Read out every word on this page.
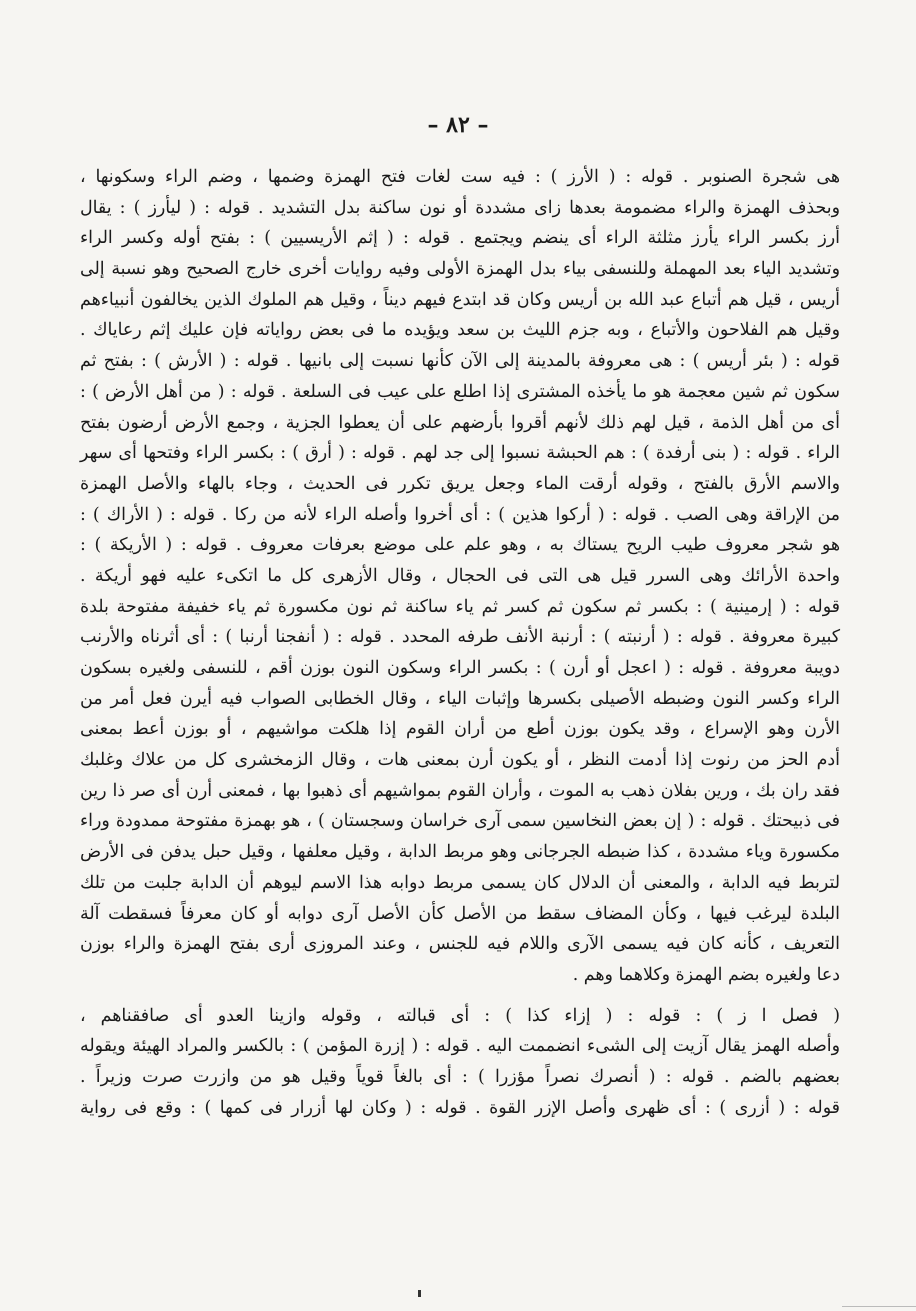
– ٨٢ –
هى شجرة الصنوبر . قوله : ( الأرز ) : فيه ست لغات فتح الهمزة وضمها ، وضم الراء وسكونها ،
وبحذف الهمزة والراء مضمومة بعدها زاى مشددة أو نون ساكنة بدل التشديد . قوله : ( ليأرز ) : يقال
أرز بكسر الراء يأرز مثلثة الراء أى ينضم ويجتمع . قوله : ( إثم الأريسيين ) : بفتح أوله وكسر الراء
وتشديد الياء بعد المهملة وللنسفى بياء بدل الهمزة الأولى وفيه روايات أخرى خارج الصحيح وهو نسبة إلى
أريس ، قيل هم أتباع عبد الله بن أريس وكان قد ابتدع فيهم ديناً ، وقيل هم الملوك الذين يخالفون أنبياءهم
وقيل هم الفلاحون والأتباع ، وبه جزم الليث بن سعد ويؤيده ما فى بعض رواياته فإن عليك إثم رعاياك .
قوله : ( بئر أريس ) : هى معروفة بالمدينة إلى الآن كأنها نسبت إلى بانيها . قوله : ( الأرش ) : بفتح ثم
سكون ثم شين معجمة هو ما يأخذه المشترى إذا اطلع على عيب فى السلعة . قوله : ( من أهل الأرض ) :
أى من أهل الذمة ، قيل لهم ذلك لأنهم أقروا بأرضهم على أن يعطوا الجزية ، وجمع الأرض أرضون بفتح
الراء . قوله : ( بنى أرفدة ) : هم الحبشة نسبوا إلى جد لهم . قوله : ( أرق ) : بكسر الراء وفتحها أى سهر
والاسم الأرق بالفتح ، وقوله أرقت الماء وجعل يريق تكرر فى الحديث ، وجاء بالهاء والأصل الهمزة
من الإراقة وهى الصب . قوله : ( أركوا هذين ) : أى أخروا وأصله الراء لأنه من ركا . قوله : ( الأراك ) :
هو شجر معروف طيب الريح يستاك به ، وهو علم على موضع بعرفات معروف . قوله : ( الأريكة ) :
واحدة الأرائك وهى السرر قيل هى التى فى الحجال ، وقال الأزهرى كل ما اتكىء عليه فهو أريكة .
قوله : ( إرمينية ) : بكسر ثم سكون ثم كسر ثم ياء ساكنة ثم نون مكسورة ثم ياء خفيفة مفتوحة بلدة
كبيرة معروفة . قوله : ( أرنبته ) : أرنبة الأنف طرفه المحدد . قوله : ( أنفجنا أرنبا ) : أى أثرناه والأرنب
دويبة معروفة . قوله : ( اعجل أو أرن ) : بكسر الراء وسكون النون بوزن أقم ، للنسفى ولغيره بسكون
الراء وكسر النون وضبطه الأصيلى بكسرها وإثبات الياء ، وقال الخطابى الصواب فيه أيرن فعل أمر من
الأرن وهو الإسراع ، وقد يكون بوزن أطع من أران القوم إذا هلكت مواشيهم ، أو بوزن أعط بمعنى
أدم الحز من رنوت إذا أدمت النظر ، أو يكون أرن بمعنى هات ، وقال الزمخشرى كل من علاك وغلبك
فقد ران بك ، ورين بفلان ذهب به الموت ، وأران القوم بمواشيهم أى ذهبوا بها ، فمعنى أرن أى صر ذا رين
فى ذبيحتك . قوله : ( إن بعض النخاسين سمى آرى خراسان وسجستان ) ، هو بهمزة مفتوحة ممدودة وراء
مكسورة وياء مشددة ، كذا ضبطه الجرجانى وهو مربط الدابة ، وقيل معلفها ، وقيل حبل يدفن فى الأرض
لتربط فيه الدابة ، والمعنى أن الدلال كان يسمى مربط دوابه هذا الاسم ليوهم أن الدابة جلبت من تلك
البلدة ليرغب فيها ، وكأن المضاف سقط من الأصل كأن الأصل آرى دوابه أو كان معرفاً فسقطت آلة
التعريف ، كأنه كان فيه يسمى الآرى واللام فيه للجنس ، وعند المروزى أرى بفتح الهمزة والراء بوزن
دعا ولغيره بضم الهمزة وكلاهما وهم .
( فصل ا ز ) : قوله : ( إزاء كذا ) : أى قبالته ، وقوله وازينا العدو أى صافقناهم ،
وأصله الهمز يقال آزيت إلى الشىء انضممت اليه . قوله : ( إزرة المؤمن ) : بالكسر والمراد الهيئة ويقوله
بعضهم بالضم . قوله : ( أنصرك نصراً مؤزرا ) : أى بالغاً قوياً وقيل هو من وازرت صرت وزيراً .
قوله : ( أزرى ) : أى ظهرى وأصل الإزر القوة . قوله : ( وكان لها أزرار فى كمها ) : وقع فى رواية
